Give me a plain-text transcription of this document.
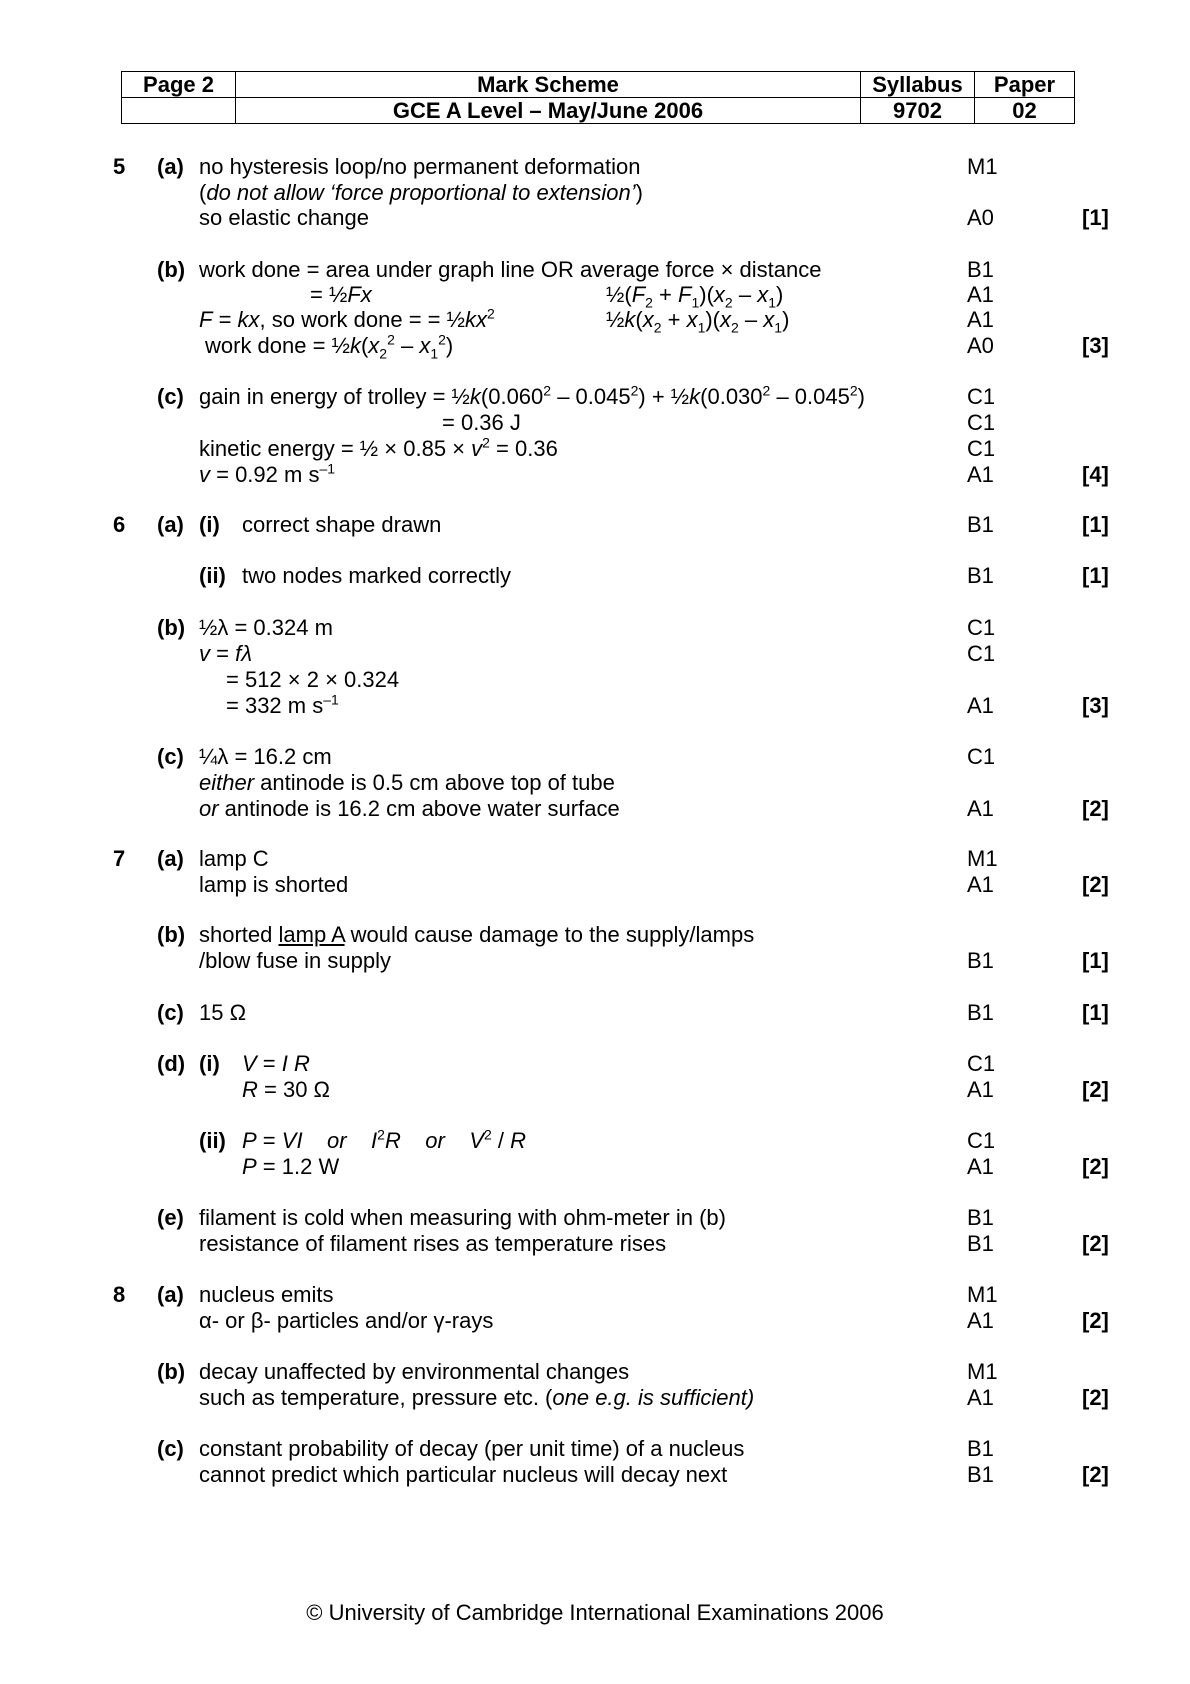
Page 2	Mark Scheme	Syllabus	Paper
	GCE A Level – May/June 2006	9702	02
5 (a) no hysteresis loop/no permanent deformation	M1
(do not allow ‘force proportional to extension’)
so elastic change	A0	[1]
(b) work done = area under graph line OR average force × distance	B1
= ½Fx	$\frac{1}{2}(F_2 + F_1)(x_2 - x_1)$	A1
F = kx, so work done = = $\frac{1}{2}kx^2$	$\frac{1}{2}k(x_2 + x_1)(x_2 - x_1)$	A1
work done = $\frac{1}{2}k(x_2^2 - x_1^2)$	A0	[3]
(c) gain in energy of trolley = $\frac{1}{2}k(0.060^2 - 0.045^2)$ + $\frac{1}{2}k(0.030^2 - 0.045^2)$	C1
= 0.36 J	C1
kinetic energy = ½ × $0.85 \times v^2 = 0.36$	C1
v = 0.92 m $s^{-1}$	A1	[4]
6 (a) (i) correct shape drawn	B1	[1]
(ii) two nodes marked correctly	B1	[1]
(b) ½λ = 0.324 m	C1
v = fλ	C1
= 512 × 2 × 0.324
= 332 m $s^{-1}$	A1	[3]
(c) ¼λ = 16.2 cm	C1
either antinode is 0.5 cm above top of tube
or antinode is 16.2 cm above water surface	A1	[2]
7 (a) lamp C	M1
lamp is shorted	A1	[2]
(b) shorted lamp A would cause damage to the supply/lamps
/blow fuse in supply	B1	[1]
(c) 15 Ω	B1	[1]
(d) (i) V = I R	C1
R = 30 Ω	A1	[2]
(ii) P = VI or $I^2R$ or $V^2$ / R	C1
P = 1.2 W	A1	[2]
(e) filament is cold when measuring with ohm-meter in (b)	B1
resistance of filament rises as temperature rises	B1	[2]
8 (a) nucleus emits	M1
α- or β- particles and/or γ-rays	A1	[2]
(b) decay unaffected by environmental changes	M1
such as temperature, pressure etc. (one e.g. is sufficient)	A1	[2]
(c) constant probability of decay (per unit time) of a nucleus	B1
cannot predict which particular nucleus will decay next	B1	[2]
© University of Cambridge International Examinations 2006
